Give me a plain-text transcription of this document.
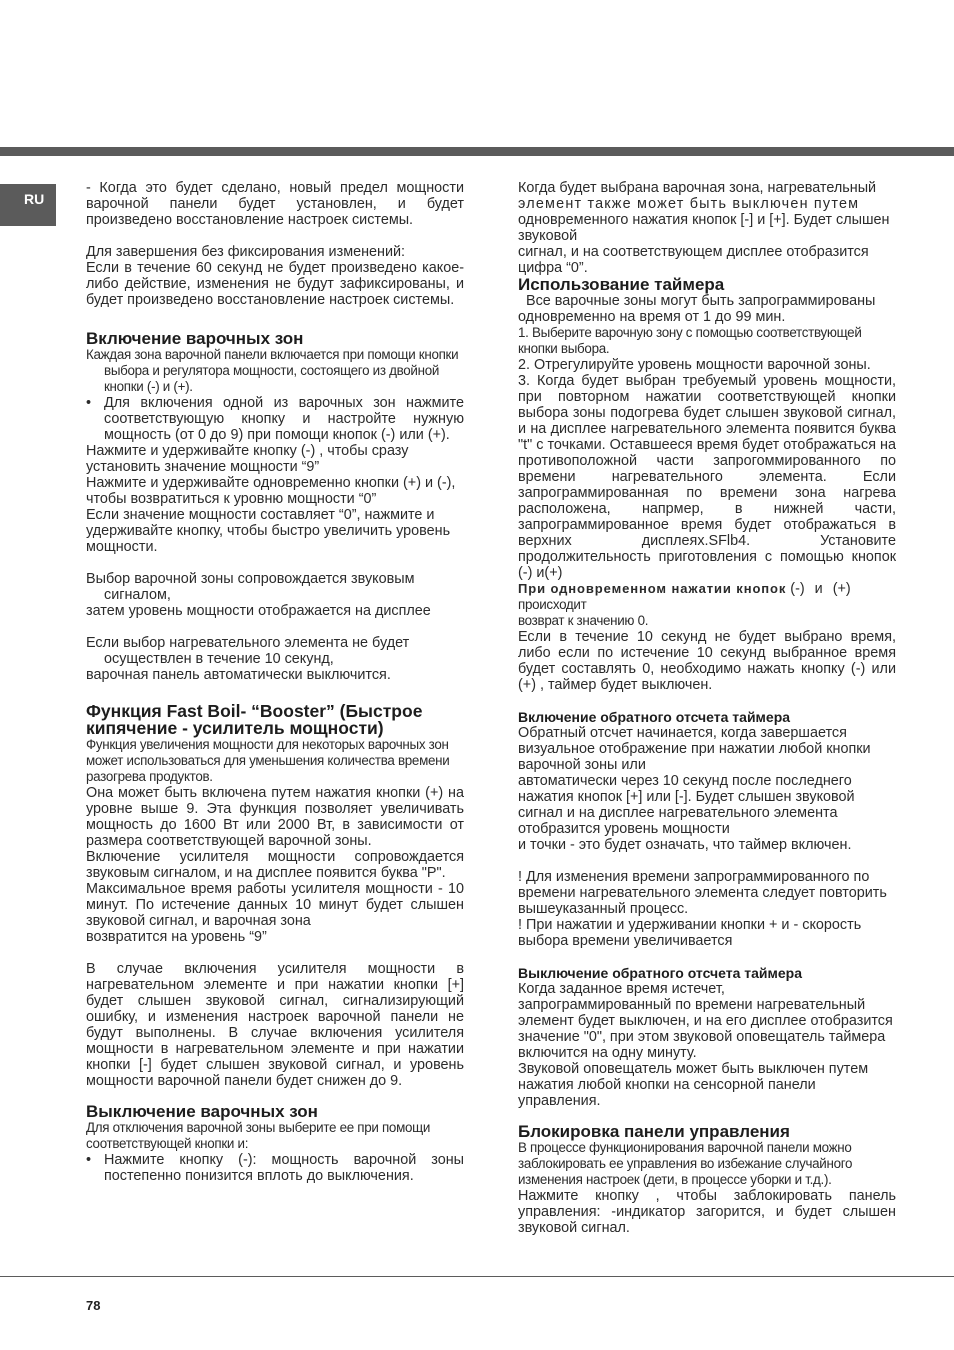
RU

- Когда это будет сделано, новый предел мощности варочной панели будет установлен, и будет произведено восстановление настроек системы.

Для завершения без фиксирования изменений:

Если в течение 60 секунд не будет произведено какое-либо действие, изменения не будут зафиксированы, и будет произведено восстановление настроек системы.

Включение варочных зон

Каждая зона варочной панели включается при помощи кнопки выбора и регулятора мощности, состоящего из двойной кнопки (-) и (+).

• Для включения одной из варочных зон нажмите соответствующую кнопку и настройте нужную мощность (от 0 до 9) при помощи кнопок (-) или (+).

Нажмите и удерживайте кнопку (-) , чтобы сразу установить значение мощности “9”

Нажмите и удерживайте одновременно кнопки (+) и (-), чтобы возвратиться к уровню мощности “0”

Если значение мощности составляет “0”, нажмите и удерживайте кнопку, чтобы быстро увеличить уровень мощности.

Выбор варочной зоны сопровождается звуковым сигналом,

затем уровень мощности отображается на дисплее

Если выбор нагревательного элемента не будет осуществлен в течение 10 секунд,

варочная панель автоматически выключится.

Функция Fast Boil- “Booster” (Быстрое кипячение - усилитель мощности)

Функция увеличения мощности для некоторых варочных зон может использоваться для уменьшения количества времени разогрева продуктов.

Она может быть включена путем нажатия кнопки (+) на уровне выше 9. Эта функция позволяет увеличивать мощность до 1600 Вт или 2000 Вт, в зависимости от размера соответствующей варочной зоны.

Включение усилителя мощности сопровождается звуковым сигналом, и на дисплее появится буква "P".

Максимальное время работы усилителя мощности - 10 минут. По истечение данных 10 минут будет слышен звуковой сигнал, и варочная зона

возвратится на уровень “9”

В случае включения усилителя мощности в нагревательном элементе и при нажатии кнопки [+] будет слышен звуковой сигнал, сигнализирующий ошибку, и изменения настроек варочной панели не будут выполнены. В случае включения усилителя мощности в нагревательном элементе и при нажатии кнопки [-] будет слышен звуковой сигнал, и уровень мощности варочной панели будет снижен до 9.

Выключение варочных зон

Для отключения варочной зоны выберите ее при помощи соответствующей кнопки и:

• Нажмите кнопку (-): мощность варочной зоны постепенно понизится вплоть до выключения.

Когда будет выбрана варочная зона, нагревательный

элемент также может быть выключен путем

одновременного нажатия кнопок [-] и [+]. Будет слышен звуковой

сигнал, и на соответствующем дисплее отобразится цифра “0”.

Использование таймера

Все варочные зоны могут быть запрограммированы одновременно на время от 1 до 99 мин.

1. Выберите варочную зону с помощью соответствующей кнопки выбора.

2. Отрегулируйте уровень мощности варочной зоны.

3. Когда будет выбран требуемый уровень мощности, при повторном нажатии соответствующей кнопки выбора зоны подогрева будет слышен звуковой сигнал, и на дисплее нагревательного элемента появится буква "t" с точками. Оставшееся время будет отображаться на противоположной части запрогоммированного по времени нагревательного элемента. Если запрограммированная по времени зона нагрева расположена, напрмер, в нижней части, запрограммированное время будет отображаться в верхних дисплеях.SFlb4. Установите продолжительность приготовления с помощью кнопок (-) и(+)

При одновременном нажатии кнопок (-) и (+)

происходит

возврат к значению 0.

Если в течение 10 секунд не будет выбрано время, либо если по истечение 10 секунд выбранное время будет составлять 0, необходимо нажать кнопку (-) или (+) , таймер будет выключен.

Включение обратного отсчета таймера

Обратный отсчет начинается, когда завершается визуальное отображение при нажатии любой кнопки варочной зоны или

автоматически через 10 секунд после последнего нажатия кнопок [+] или [-]. Будет слышен звуковой сигнал и на дисплее нагревательного элемента отобразится уровень мощности

и точки - это будет означать, что таймер включен.

! Для изменения времени запрограммированного по времени нагревательного элемента следует повторить вышеуказанный процесс.

! При нажатии и удерживании кнопки + и - скорость выбора времени увеличивается

Выключение обратного отсчета таймера

Когда заданное время истечет,

запрограммированный по времени нагревательный элемент будет выключен, и на его дисплее отобразится значение "0", при этом звуковой оповещатель таймера включится на одну минуту.

Звуковой оповещатель может быть выключен путем нажатия любой кнопки на сенсорной панели управления.

Блокировка панели управления

В процессе функционирования варочной панели можно заблокировать ее управления во избежание случайного изменения настроек (дети, в процессе уборки и т.д.).

Нажмите кнопку , чтобы заблокировать панель управления: -индикатор загорится, и будет слышен звуковой сигнал.

78
